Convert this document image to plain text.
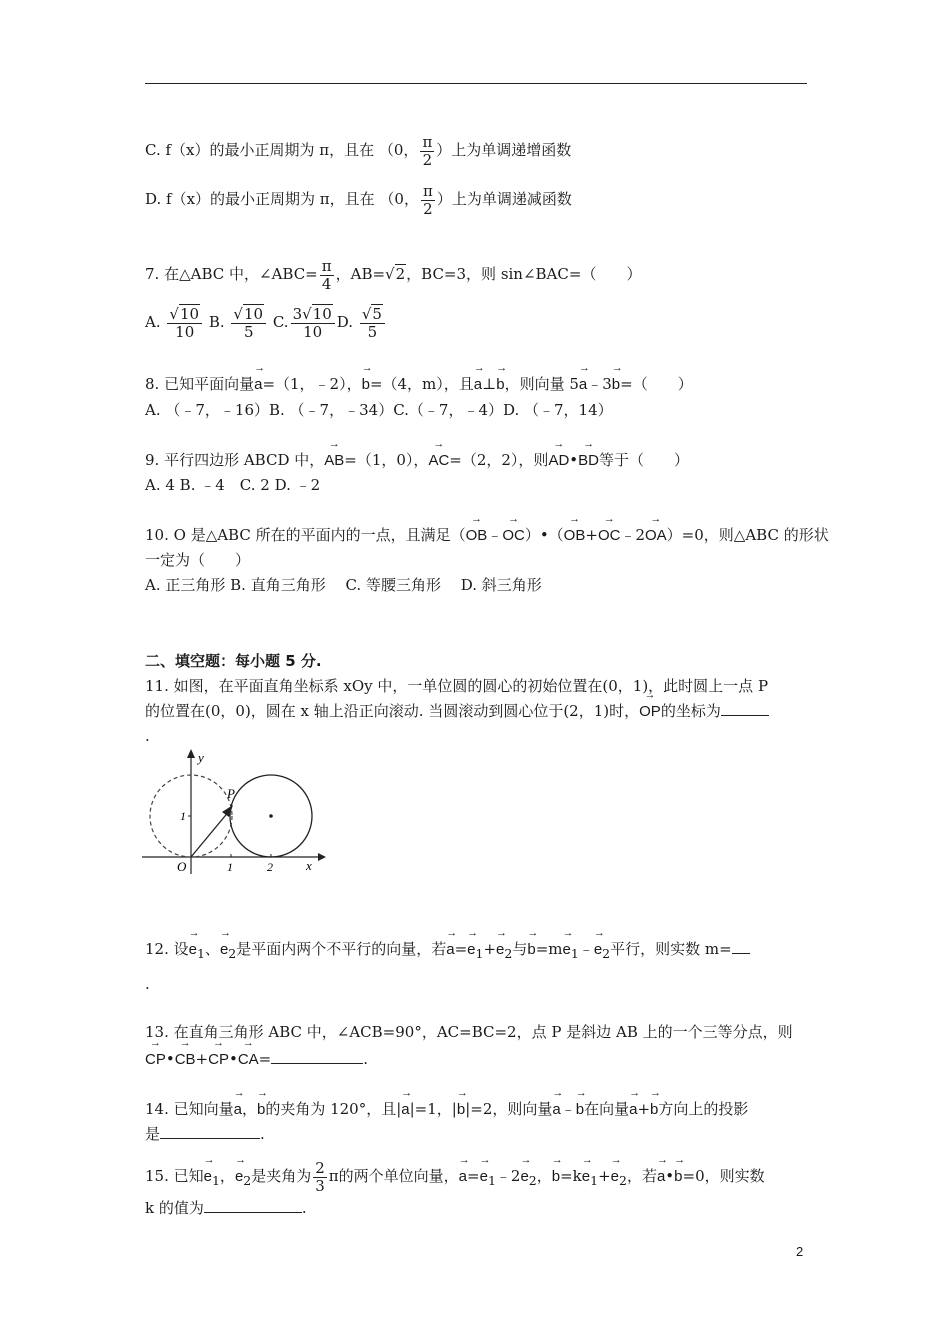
C. f（x）的最小正周期为 π，且在 （0， $\frac{\pi}{2}$ ）上为单调递增函数
D. f（x）的最小正周期为 π，且在 （0， $\frac{\pi}{2}$ ）上为单调递减函数
7. 在△ABC 中，∠ABC= $\frac{\pi}{4}$ ，AB=√2，BC=3，则 sin∠BAC=（　　）
A. $\frac{√10}{10} B$. $\frac{√10}{5} C$. $\frac{3√10}{10} D$. $\frac{√5}{5}$
8. 已知平面向量→ a=（1，﹣2），→ b=（4，m），且→ a⊥→ b，则向量 5→ a﹣3→ b=（　　）
A. （﹣7，﹣16）B. （﹣7，﹣34）C.（﹣7，﹣4）D. （﹣7，14）
9. 平行四边形 ABCD 中，→ AB=（1，0），→ AC=（2，2），则→ AD•→ BD等于（　　）
A. 4 B. ﹣4　C. 2 D. ﹣2
10. O 是△ABC 所在的平面内的一点，且满足（→ OB﹣→ OC）•（→ OB+→ OC﹣2→ OA）=0，则△ABC 的形状
一定为（　　）
A. 正三角形 B. 直角三角形　 C. 等腰三角形　 D. 斜三角形
二、填空题：每小题 5 分.
11. 如图，在平面直角坐标系 xOy 中，一单位圆的圆心的初始位置在(0，1)，此时圆上一点 P
的位置在(0，0)，圆在 x 轴上沿正向滚动. 当圆滚动到圆心位于(2，1)时，→ OP的坐标为
.
y
x
P
O
1
1	2
12. 设→ $e_1$、→ $e_2$是平面内两个不平行的向量，若→ $a=\to e_1+\to e_2$与→ $b=m\to e_1﹣\to e_2$平行，则实数 m=
.
13. 在直角三角形 ABC 中，∠ACB=90°，AC=BC=2，点 P 是斜边 AB 上的一个三等分点，则
→ CP•→ CB+→ CP•→ CA=	.
14. 已知向量→ a，→ b的夹角为 120°，且|→ a|=1，|→ b|=2，则向量→ a﹣→ b在向量→ a+→ b方向上的投影
是	.
15. 已知→ $e_1$，→ $e_2$是夹角为 $\frac{2}{3}$ π的两个单位向量，→ $a=\to e_1﹣2\to e_2$，→ $b=k\to e_1+\to e_2$，若→ a•→ b=0，则实数
k 的值为	.
2
